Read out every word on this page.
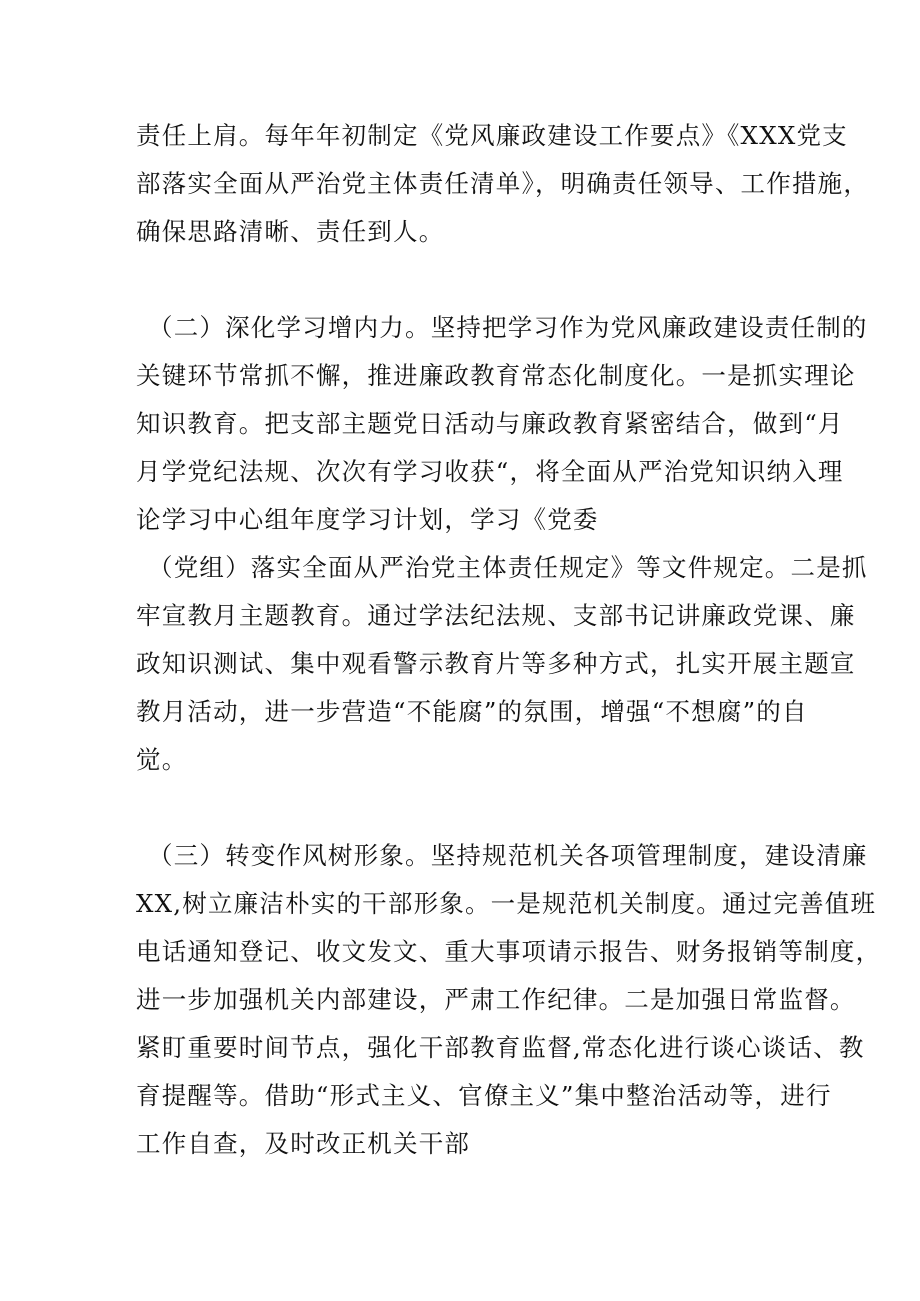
责任上肩。每年年初制定《党风廉政建设工作要点》《XXX党支
部落实全面从严治党主体责任清单》，明确责任领导、工作措施，
确保思路清晰、责任到人。
（二）深化学习增内力。坚持把学习作为党风廉政建设责任制的
关键环节常抓不懈，推进廉政教育常态化制度化。一是抓实理论
知识教育。把支部主题党日活动与廉政教育紧密结合，做到“月
月学党纪法规、次次有学习收获“，将全面从严治党知识纳入理
论学习中心组年度学习计划，学习《党委
（党组）落实全面从严治党主体责任规定》等文件规定。二是抓
牢宣教月主题教育。通过学法纪法规、支部书记讲廉政党课、廉
政知识测试、集中观看警示教育片等多种方式，扎实开展主题宣
教月活动，进一步营造“不能腐”的氛围，增强“不想腐”的自
觉。
（三）转变作风树形象。坚持规范机关各项管理制度，建设清廉
XX,树立廉洁朴实的干部形象。一是规范机关制度。通过完善值班
电话通知登记、收文发文、重大事项请示报告、财务报销等制度，
进一步加强机关内部建设，严肃工作纪律。二是加强日常监督。
紧盯重要时间节点，强化干部教育监督,常态化进行谈心谈话、教
育提醒等。借助“形式主义、官僚主义”集中整治活动等，进行
工作自查，及时改正机关干部
